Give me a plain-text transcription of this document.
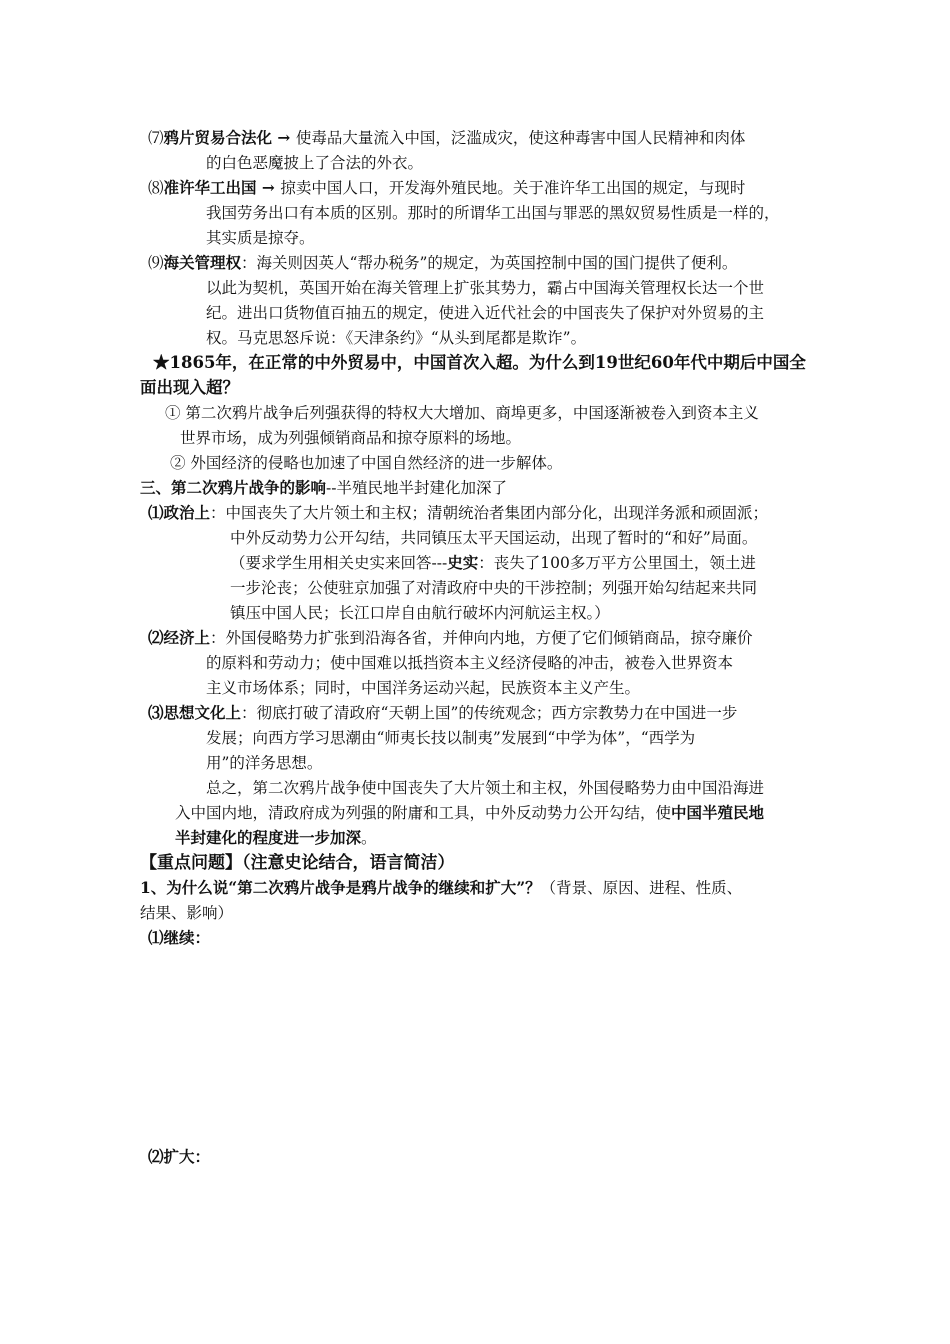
⑺鸦片贸易合法化 → 使毒品大量流入中国，泛滥成灾，使这种毒害中国人民精神和肉体
的白色恶魔披上了合法的外衣。
⑻准许华工出国 → 掠卖中国人口，开发海外殖民地。关于准许华工出国的规定，与现时
我国劳务出口有本质的区别。那时的所谓华工出国与罪恶的黑奴贸易性质是一样的，
其实质是掠夺。
⑼海关管理权：海关则因英人“帮办税务”的规定，为英国控制中国的国门提供了便利。
以此为契机，英国开始在海关管理上扩张其势力，霸占中国海关管理权长达一个世
纪。进出口货物值百抽五的规定，使进入近代社会的中国丧失了保护对外贸易的主
权。马克思怒斥说：《天津条约》“从头到尾都是欺诈”。
★1865年，在正常的中外贸易中，中国首次入超。为什么到19世纪60年代中期后中国全
面出现入超？
① 第二次鸦片战争后列强获得的特权大大增加、商埠更多，中国逐渐被卷入到资本主义
世界市场，成为列强倾销商品和掠夺原料的场地。
② 外国经济的侵略也加速了中国自然经济的进一步解体。
三、第二次鸦片战争的影响--半殖民地半封建化加深了
⑴政治上：中国丧失了大片领土和主权；清朝统治者集团内部分化，出现洋务派和顽固派；
中外反动势力公开勾结，共同镇压太平天国运动，出现了暂时的“和好”局面。
（要求学生用相关史实来回答---史实：丧失了100多万平方公里国土，领土进
一步沦丧；公使驻京加强了对清政府中央的干涉控制；列强开始勾结起来共同
镇压中国人民；长江口岸自由航行破坏内河航运主权。）
⑵经济上：外国侵略势力扩张到沿海各省，并伸向内地，方便了它们倾销商品，掠夺廉价
的原料和劳动力；使中国难以抵挡资本主义经济侵略的冲击，被卷入世界资本
主义市场体系；同时，中国洋务运动兴起，民族资本主义产生。
⑶思想文化上：彻底打破了清政府“天朝上国”的传统观念；西方宗教势力在中国进一步
发展；向西方学习思潮由“师夷长技以制夷”发展到“中学为体”，“西学为
用”的洋务思想。
总之，第二次鸦片战争使中国丧失了大片领土和主权，外国侵略势力由中国沿海进
入中国内地，清政府成为列强的附庸和工具，中外反动势力公开勾结，使中国半殖民地
半封建化的程度进一步加深。
【重点问题】（注意史论结合，语言简洁）
1、为什么说“第二次鸦片战争是鸦片战争的继续和扩大”？（背景、原因、进程、性质、
结果、影响）
⑴继续：
⑵扩大：
